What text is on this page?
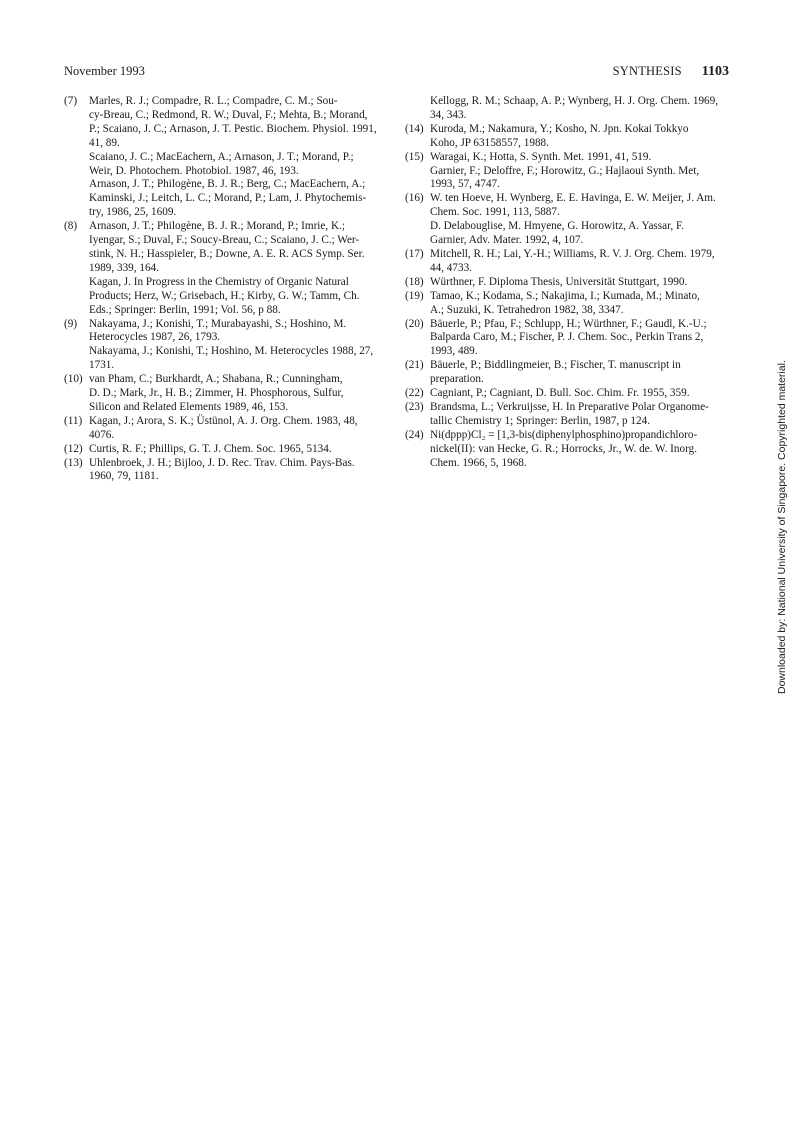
November 1993	SYNTHESIS 1103
(7)	Marles, R. J.; Compadre, R. L.; Compadre, C. M.; Sou-
cy-Breau, C.; Redmond, R. W.; Duval, F.; Mehta, B.; Morand,
P.; Scaiano, J. C.; Arnason, J. T. Pestic. Biochem. Physiol. 1991,
41, 89.
Scaiano, J. C.; MacEachern, A.; Arnason, J. T.; Morand, P.;
Weir, D. Photochem. Photobiol. 1987, 46, 193.
Arnason, J. T.; Philogène, B. J. R.; Berg, C.; MacEachern, A.;
Kaminski, J.; Leitch, L. C.; Morand, P.; Lam, J. Phytochemis-
try, 1986, 25, 1609.
(8)	Arnason, J. T.; Philogène, B. J. R.; Morand, P.; Imrie, K.;
Iyengar, S.; Duval, F.; Soucy-Breau, C.; Scaiano, J. C.; Wer-
stink, N. H.; Hasspieler, B.; Downe, A. E. R. ACS Symp. Ser.
1989, 339, 164.
Kagan, J. In Progress in the Chemistry of Organic Natural
Products; Herz, W.; Grisebach, H.; Kirby, G. W.; Tamm, Ch.
Eds.; Springer: Berlin, 1991; Vol. 56, p 88.
(9)	Nakayama, J.; Konishi, T.; Murabayashi, S.; Hoshino, M.
Heterocycles 1987, 26, 1793.
Nakayama, J.; Konishi, T.; Hoshino, M. Heterocycles 1988, 27,
1731.
(10) van Pham, C.; Burkhardt, A.; Shabana, R.; Cunningham,
D. D.; Mark, Jr., H. B.; Zimmer, H. Phosphorous, Sulfur,
Silicon and Related Elements 1989, 46, 153.
(11) Kagan, J.; Arora, S. K.; Üstünol, A. J. Org. Chem. 1983, 48,
4076.
(12) Curtis, R. F.; Phillips, G. T. J. Chem. Soc. 1965, 5134.
(13) Uhlenbroek, J. H.; Bijloo, J. D. Rec. Trav. Chim. Pays-Bas.
1960, 79, 1181.
Kellogg, R. M.; Schaap, A. P.; Wynberg, H. J. Org. Chem. 1969,
34, 343.
(14) Kuroda, M.; Nakamura, Y.; Kosho, N. Jpn. Kokai Tokkyo
Koho, JP 63158557, 1988.
(15) Waragai, K.; Hotta, S. Synth. Met. 1991, 41, 519.
Garnier, F.; Deloffre, F.; Horowitz, G.; Hajlaoui Synth. Met,
1993, 57, 4747.
(16) W. ten Hoeve, H. Wynberg, E. E. Havinga, E. W. Meijer, J. Am.
Chem. Soc. 1991, 113, 5887.
D. Delabouglise, M. Hmyene, G. Horowitz, A. Yassar, F.
Garnier, Adv. Mater. 1992, 4, 107.
(17) Mitchell, R. H.; Lai, Y.-H.; Williams, R. V. J. Org. Chem. 1979,
44, 4733.
(18) Würthner, F. Diploma Thesis, Universität Stuttgart, 1990.
(19) Tamao, K.; Kodama, S.; Nakajima, I.; Kumada, M.; Minato,
A.; Suzuki, K. Tetrahedron 1982, 38, 3347.
(20) Bäuerle, P.; Pfau, F.; Schlupp, H.; Würthner, F.; Gaudl, K.-U.;
Balparda Caro, M.; Fischer, P. J. Chem. Soc., Perkin Trans 2,
1993, 489.
(21) Bäuerle, P.; Biddlingmeier, B.; Fischer, T. manuscript in
preparation.
(22) Cagniant, P.; Cagniant, D. Bull. Soc. Chim. Fr. 1955, 359.
(23) Brandsma, L.; Verkruijsse, H. In Preparative Polar Organome-
tallic Chemistry 1; Springer: Berlin, 1987, p 124.
(24) Ni(dppp)Cl₂ = [1,3-bis(diphenylphosphino)propandichloro-
nickel(II): van Hecke, G. R.; Horrocks, Jr., W. de. W. Inorg.
Chem. 1966, 5, 1968.	Downloaded by: National University of Singapore. Copyrighted material.
